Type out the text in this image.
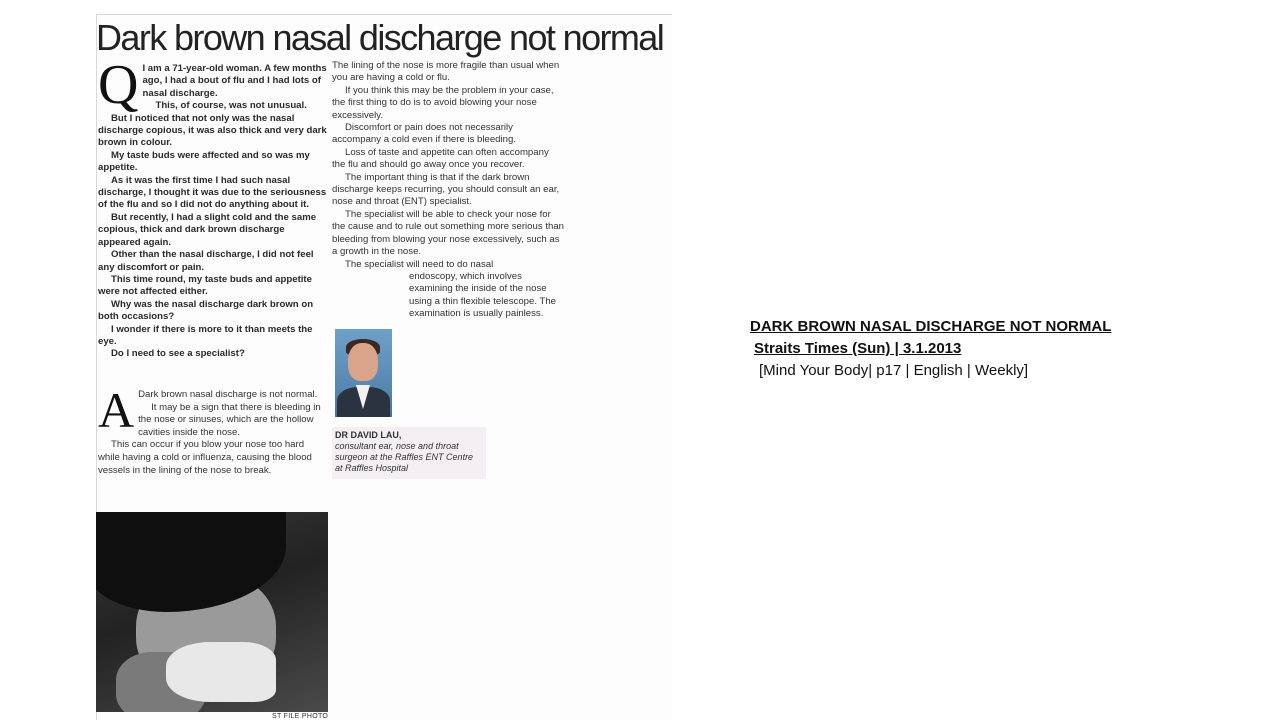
Dark brown nasal discharge not normal
Q I am a 71-year-old woman. A few months ago, I had a bout of flu and I had lots of nasal discharge.

This, of course, was not unusual.

But I noticed that not only was the nasal discharge copious, it was also thick and very dark brown in colour.

My taste buds were affected and so was my appetite.

As it was the first time I had such nasal discharge, I thought it was due to the seriousness of the flu and so I did not do anything about it.

But recently, I had a slight cold and the same copious, thick and dark brown discharge appeared again.

Other than the nasal discharge, I did not feel any discomfort or pain.

This time round, my taste buds and appetite were not affected either.

Why was the nasal discharge dark brown on both occasions?

I wonder if there is more to it than meets the eye.

Do I need to see a specialist?

A Dark brown nasal discharge is not normal.

It may be a sign that there is bleeding in the nose or sinuses, which are the hollow cavities inside the nose.

This can occur if you blow your nose too hard while having a cold or influenza, causing the blood vessels in the lining of the nose to break.

The lining of the nose is more fragile than usual when you are having a cold or flu.

If you think this may be the problem in your case, the first thing to do is to avoid blowing your nose excessively.

Discomfort or pain does not necessarily accompany a cold even if there is bleeding.

Loss of taste and appetite can often accompany the flu and should go away once you recover.

The important thing is that if the dark brown discharge keeps recurring, you should consult an ear, nose and throat (ENT) specialist.

The specialist will be able to check your nose for the cause and to rule out something more serious than bleeding from blowing your nose excessively, such as a growth in the nose.

The specialist will need to do nasal

endoscopy, which involves examining the inside of the nose using a thin flexible telescope. The examination is usually painless.

DR DAVID LAU,
consultant ear, nose and throat surgeon at the Raffles ENT Centre at Raffles Hospital
ST FILE PHOTO
DARK BROWN NASAL DISCHARGE NOT NORMAL
Straits Times (Sun) | 3.1.2013
[Mind Your Body| p17 | English | Weekly]
